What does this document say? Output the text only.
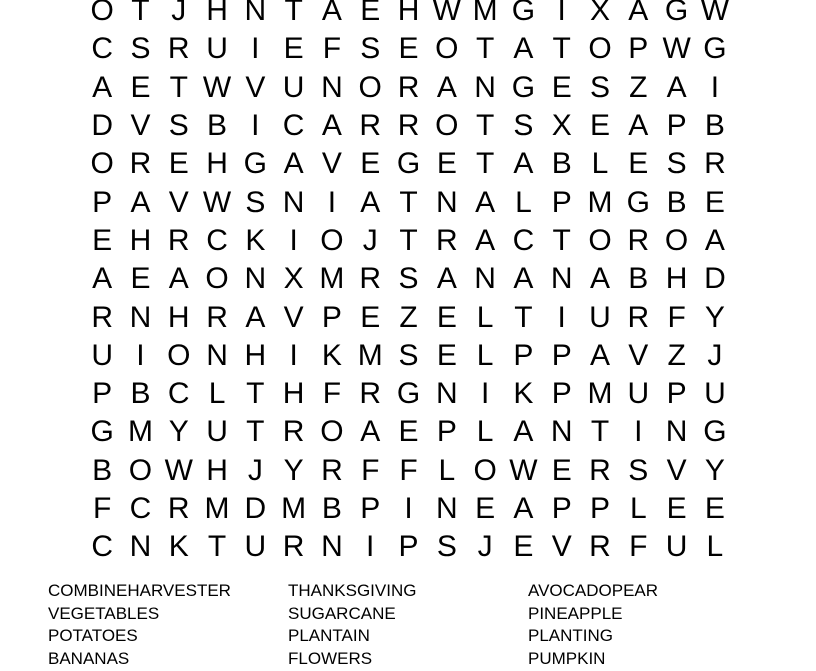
O T J H N T A E H W M G I X A G W
C S R U I E F S E O T A T O P W G
A E T W V U N O R A N G E S Z A I
D V S B I C A R R O T S X E A P B
O R E H G A V E G E T A B L E S R
P A V W S N I A T N A L P M G B E
E H R C K I O J T R A C T O R O A
A E A O N X M R S A N A N A B H D
R N H R A V P E Z E L T I U R F Y
U I O N H I K M S E L P P A V Z J
P B C L T H F R G N I K P M U P U
G M Y U T R O A E P L A N T I N G
B O W H J Y R F F L O W E R S V Y
F C R M D M B P I N E A P P L E E
C N K T U R N I P S J E V R F U L
COMBINEHARVESTER
VEGETABLES
POTATOES
BANANAS
THANKSGIVING
SUGARCANE
PLANTAIN
FLOWERS
AVOCADOPEAR
PINEAPPLE
PLANTING
PUMPKIN
